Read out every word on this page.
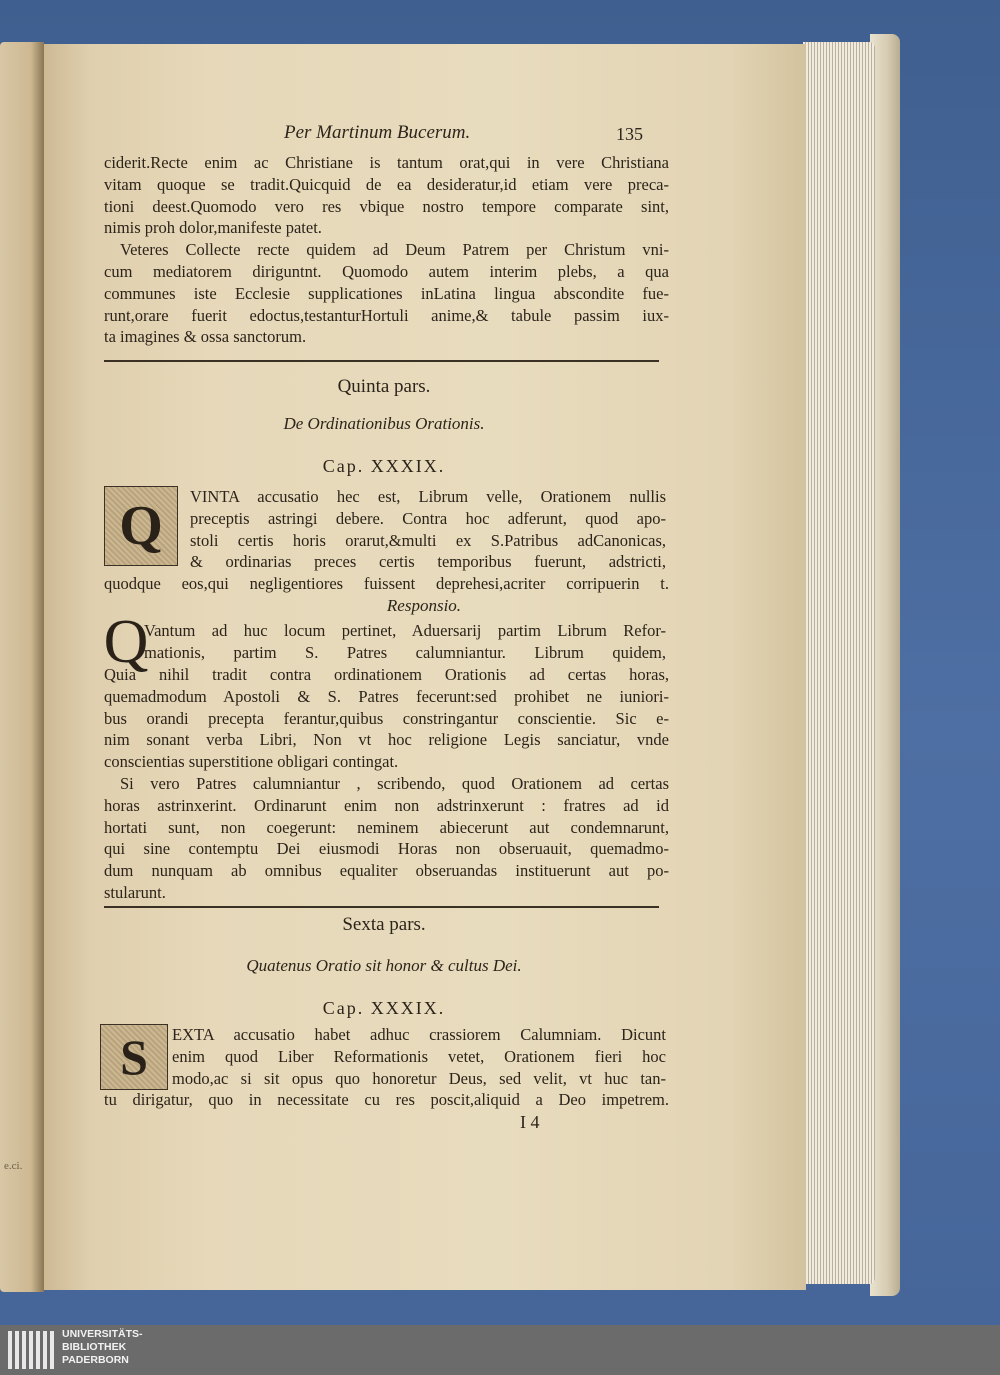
e.ci.
Per Martinum Bucerum.	135

ciderit.Recte enim ac Christiane is tantum orat,qui in vere Christiana

vitam quoque se tradit.Quicquid de ea desideratur,id etiam vere preca-

tioni deest.Quomodo vero res vbique nostro tempore comparate sint,

nimis proh dolor,manifeste patet.

Veteres Collecte recte quidem ad Deum Patrem per Christum vni-

cum mediatorem diriguntnt. Quomodo autem interim plebs, a qua

communes iste Ecclesie supplicationes inLatina lingua abscondite fue-

runt,orare fuerit edoctus,testanturHortuli anime,& tabule passim iux-

ta imagines & ossa sanctorum.

Quinta pars.
De Ordinationibus Orationis.
Cap. XXXIX.
Q	VINTA accusatio hec est, Librum velle, Orationem nullis

preceptis astringi debere. Contra hoc adferunt, quod apo-

stoli certis horis orarut,&multi ex S.Patribus adCanonicas,

& ordinarias preces certis temporibus fuerunt, adstricti,

quodque eos,qui negligentiores fuissent deprehesi,acriter corripuerin t.

Responsio.
Q

Vantum ad huc locum pertinet, Aduersarij partim Librum Refor-

mationis, partim S. Patres calumniantur. Librum quidem,

Quia nihil tradit contra ordinationem Orationis ad certas horas,

quemadmodum Apostoli & S. Patres fecerunt:sed prohibet ne iuniori-

bus orandi precepta ferantur,quibus constringantur conscientie. Sic e-

nim sonant verba Libri, Non vt hoc religione Legis sanciatur, vnde

conscientias superstitione obligari contingat.

Si vero Patres calumniantur , scribendo, quod Orationem ad certas

horas astrinxerint. Ordinarunt enim non adstrinxerunt : fratres ad id

hortati sunt, non coegerunt: neminem abiecerunt aut condemnarunt,

qui sine contemptu Dei eiusmodi Horas non obseruauit, quemadmo-

dum nunquam ab omnibus equaliter obseruandas instituerunt aut po-

stularunt.

Sexta pars.
Quatenus Oratio sit honor & cultus Dei.
Cap. XXXIX.
S	EXTA accusatio habet adhuc crassiorem Calumniam. Dicunt

enim quod Liber Reformationis vetet, Orationem fieri hoc

modo,ac si sit opus quo honoretur Deus, sed velit, vt huc tan-

tu dirigatur, quo in necessitate cu res poscit,aliquid a Deo impetrem.

I 4
UNIVERSITÄTS-
BIBLIOTHEK
PADERBORN
